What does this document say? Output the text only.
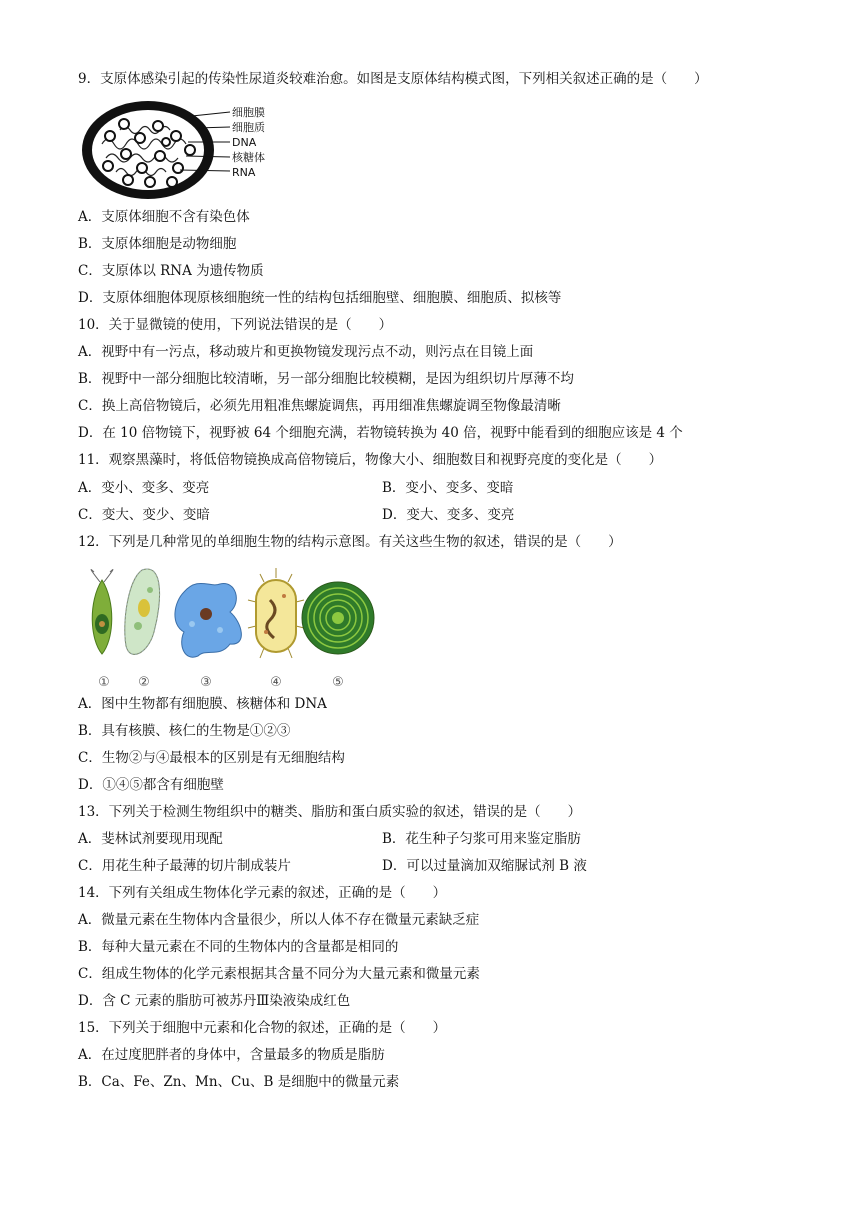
9．支原体感染引起的传染性尿道炎较难治愈。如图是支原体结构模式图，下列相关叙述正确的是（　　）
细胞膜
细胞质
DNA
核糖体
RNA
A．支原体细胞不含有染色体
B．支原体细胞是动物细胞
C．支原体以 RNA 为遗传物质
D．支原体细胞体现原核细胞统一性的结构包括细胞壁、细胞膜、细胞质、拟核等
10．关于显微镜的使用，下列说法错误的是（　　）
A．视野中有一污点，移动玻片和更换物镜发现污点不动，则污点在目镜上面
B．视野中一部分细胞比较清晰，另一部分细胞比较模糊，是因为组织切片厚薄不均
C．换上高倍物镜后，必须先用粗准焦螺旋调焦，再用细准焦螺旋调至物像最清晰
D．在 10 倍物镜下，视野被 64 个细胞充满，若物镜转换为 40 倍，视野中能看到的细胞应该是 4 个
11．观察黑藻时，将低倍物镜换成高倍物镜后，物像大小、细胞数目和视野亮度的变化是（　　）
A．变小、变多、变亮	B．变小、变多、变暗
C．变大、变少、变暗	D．变大、变多、变亮
12．下列是几种常见的单细胞生物的结构示意图。有关这些生物的叙述，错误的是（　　）
① ②	③	④	⑤
A．图中生物都有细胞膜、核糖体和 DNA
B．具有核膜、核仁的生物是①②③
C．生物②与④最根本的区别是有无细胞结构
D．①④⑤都含有细胞壁
13．下列关于检测生物组织中的糖类、脂肪和蛋白质实验的叙述，错误的是（　　）
A．斐林试剂要现用现配	B．花生种子匀浆可用来鉴定脂肪
C．用花生种子最薄的切片制成装片	D．可以过量滴加双缩脲试剂 B 液
14．下列有关组成生物体化学元素的叙述，正确的是（　　）
A．微量元素在生物体内含量很少，所以人体不存在微量元素缺乏症
B．每种大量元素在不同的生物体内的含量都是相同的
C．组成生物体的化学元素根据其含量不同分为大量元素和微量元素
D．含 C 元素的脂肪可被苏丹Ⅲ染液染成红色
15．下列关于细胞中元素和化合物的叙述，正确的是（　　）
A．在过度肥胖者的身体中，含量最多的物质是脂肪
B．Ca、Fe、Zn、Mn、Cu、B 是细胞中的微量元素
